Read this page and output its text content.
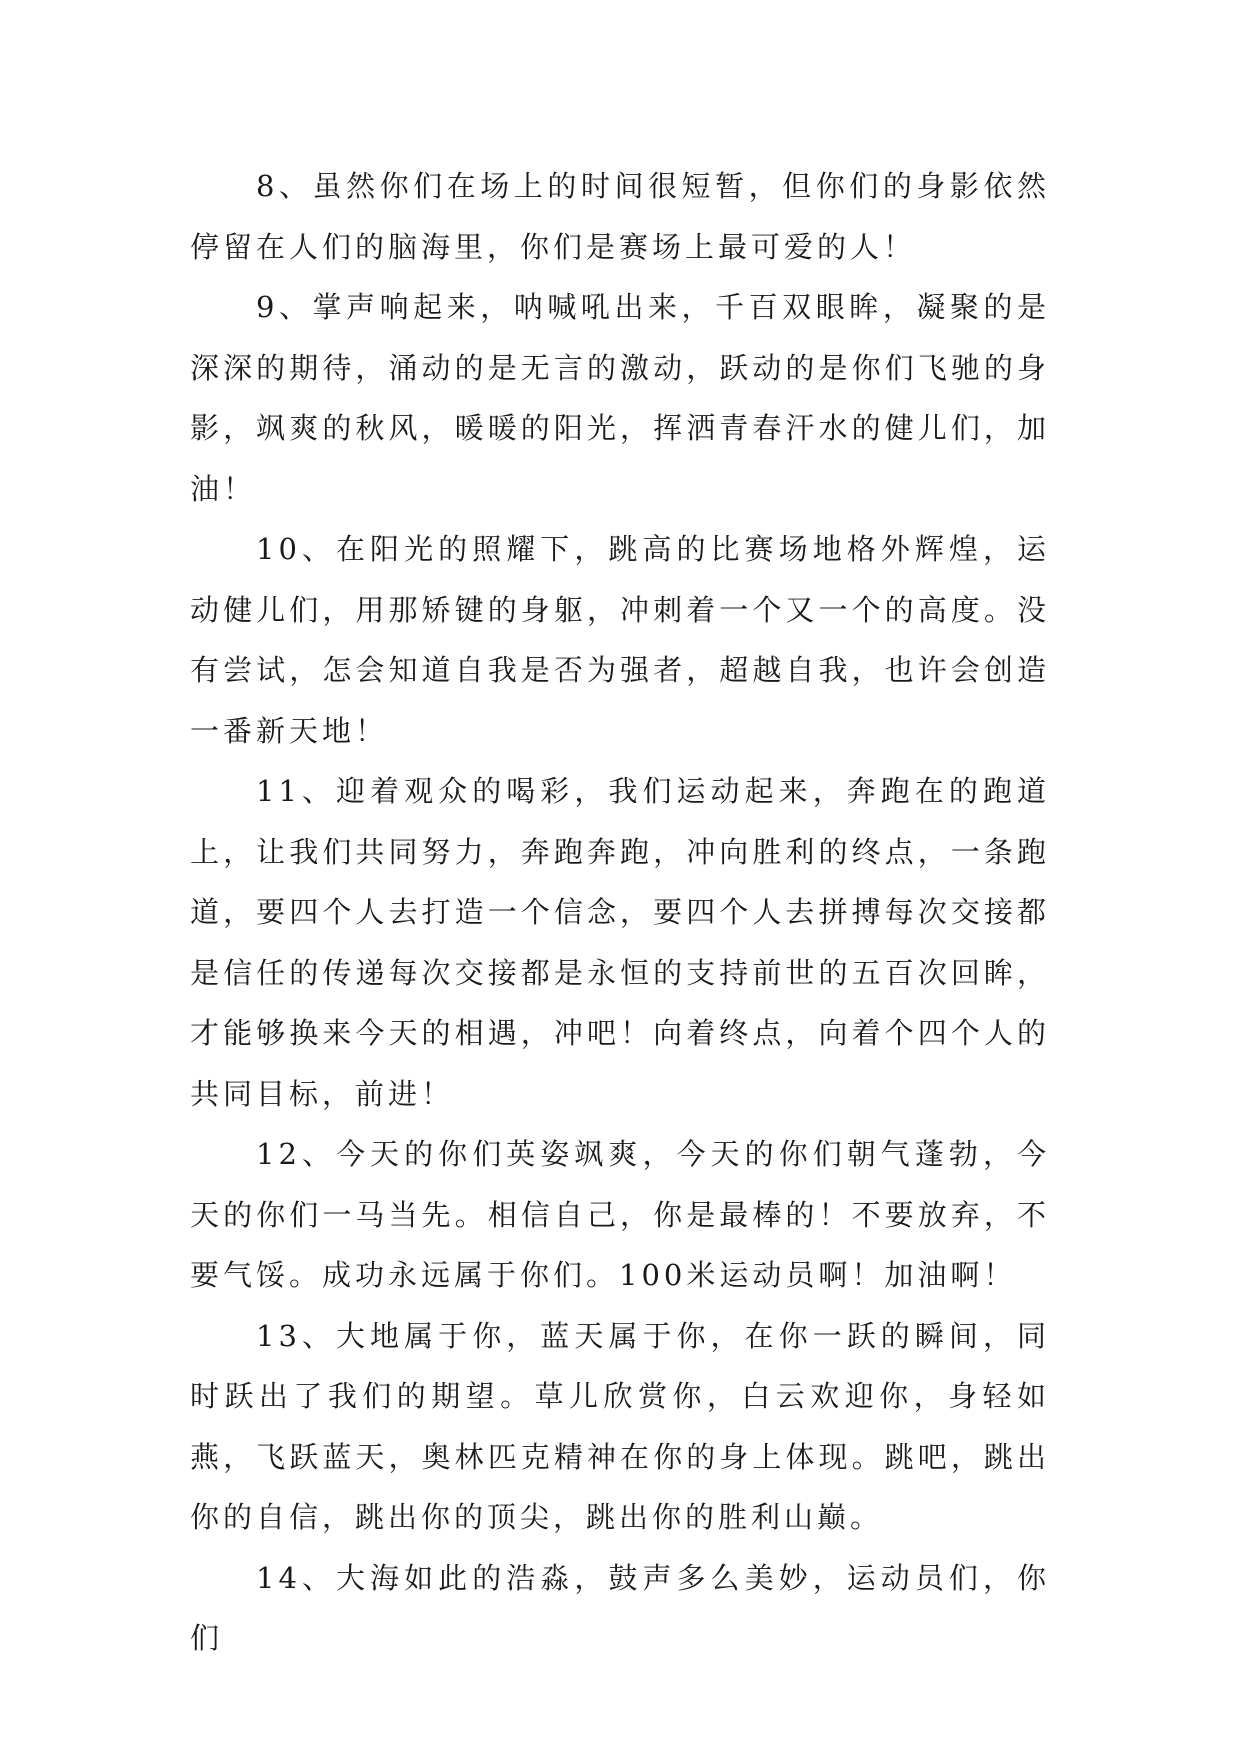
8、虽然你们在场上的时间很短暂，但你们的身影依然停留在人们的脑海里，你们是赛场上最可爱的人！

9、掌声响起来，呐喊吼出来，千百双眼眸，凝聚的是深深的期待，涌动的是无言的激动，跃动的是你们飞驰的身影，飒爽的秋风，暖暖的阳光，挥洒青春汗水的健儿们，加油！

10、在阳光的照耀下，跳高的比赛场地格外辉煌，运动健儿们，用那矫键的身躯，冲刺着一个又一个的高度。没有尝试，怎会知道自我是否为强者，超越自我，也许会创造一番新天地！

11、迎着观众的喝彩，我们运动起来，奔跑在的跑道上，让我们共同努力，奔跑奔跑，冲向胜利的终点，一条跑道，要四个人去打造一个信念，要四个人去拼搏每次交接都是信任的传递每次交接都是永恒的支持前世的五百次回眸，才能够换来今天的相遇，冲吧！向着终点，向着个四个人的共同目标，前进！

12、今天的你们英姿飒爽，今天的你们朝气蓬勃，今天的你们一马当先。相信自己，你是最棒的！不要放弃，不要气馁。成功永远属于你们。100米运动员啊！加油啊！

13、大地属于你，蓝天属于你，在你一跃的瞬间，同时跃出了我们的期望。草儿欣赏你，白云欢迎你，身轻如燕，飞跃蓝天，奥林匹克精神在你的身上体现。跳吧，跳出你的自信，跳出你的顶尖，跳出你的胜利山巅。

14、大海如此的浩淼，鼓声多么美妙，运动员们，你们
